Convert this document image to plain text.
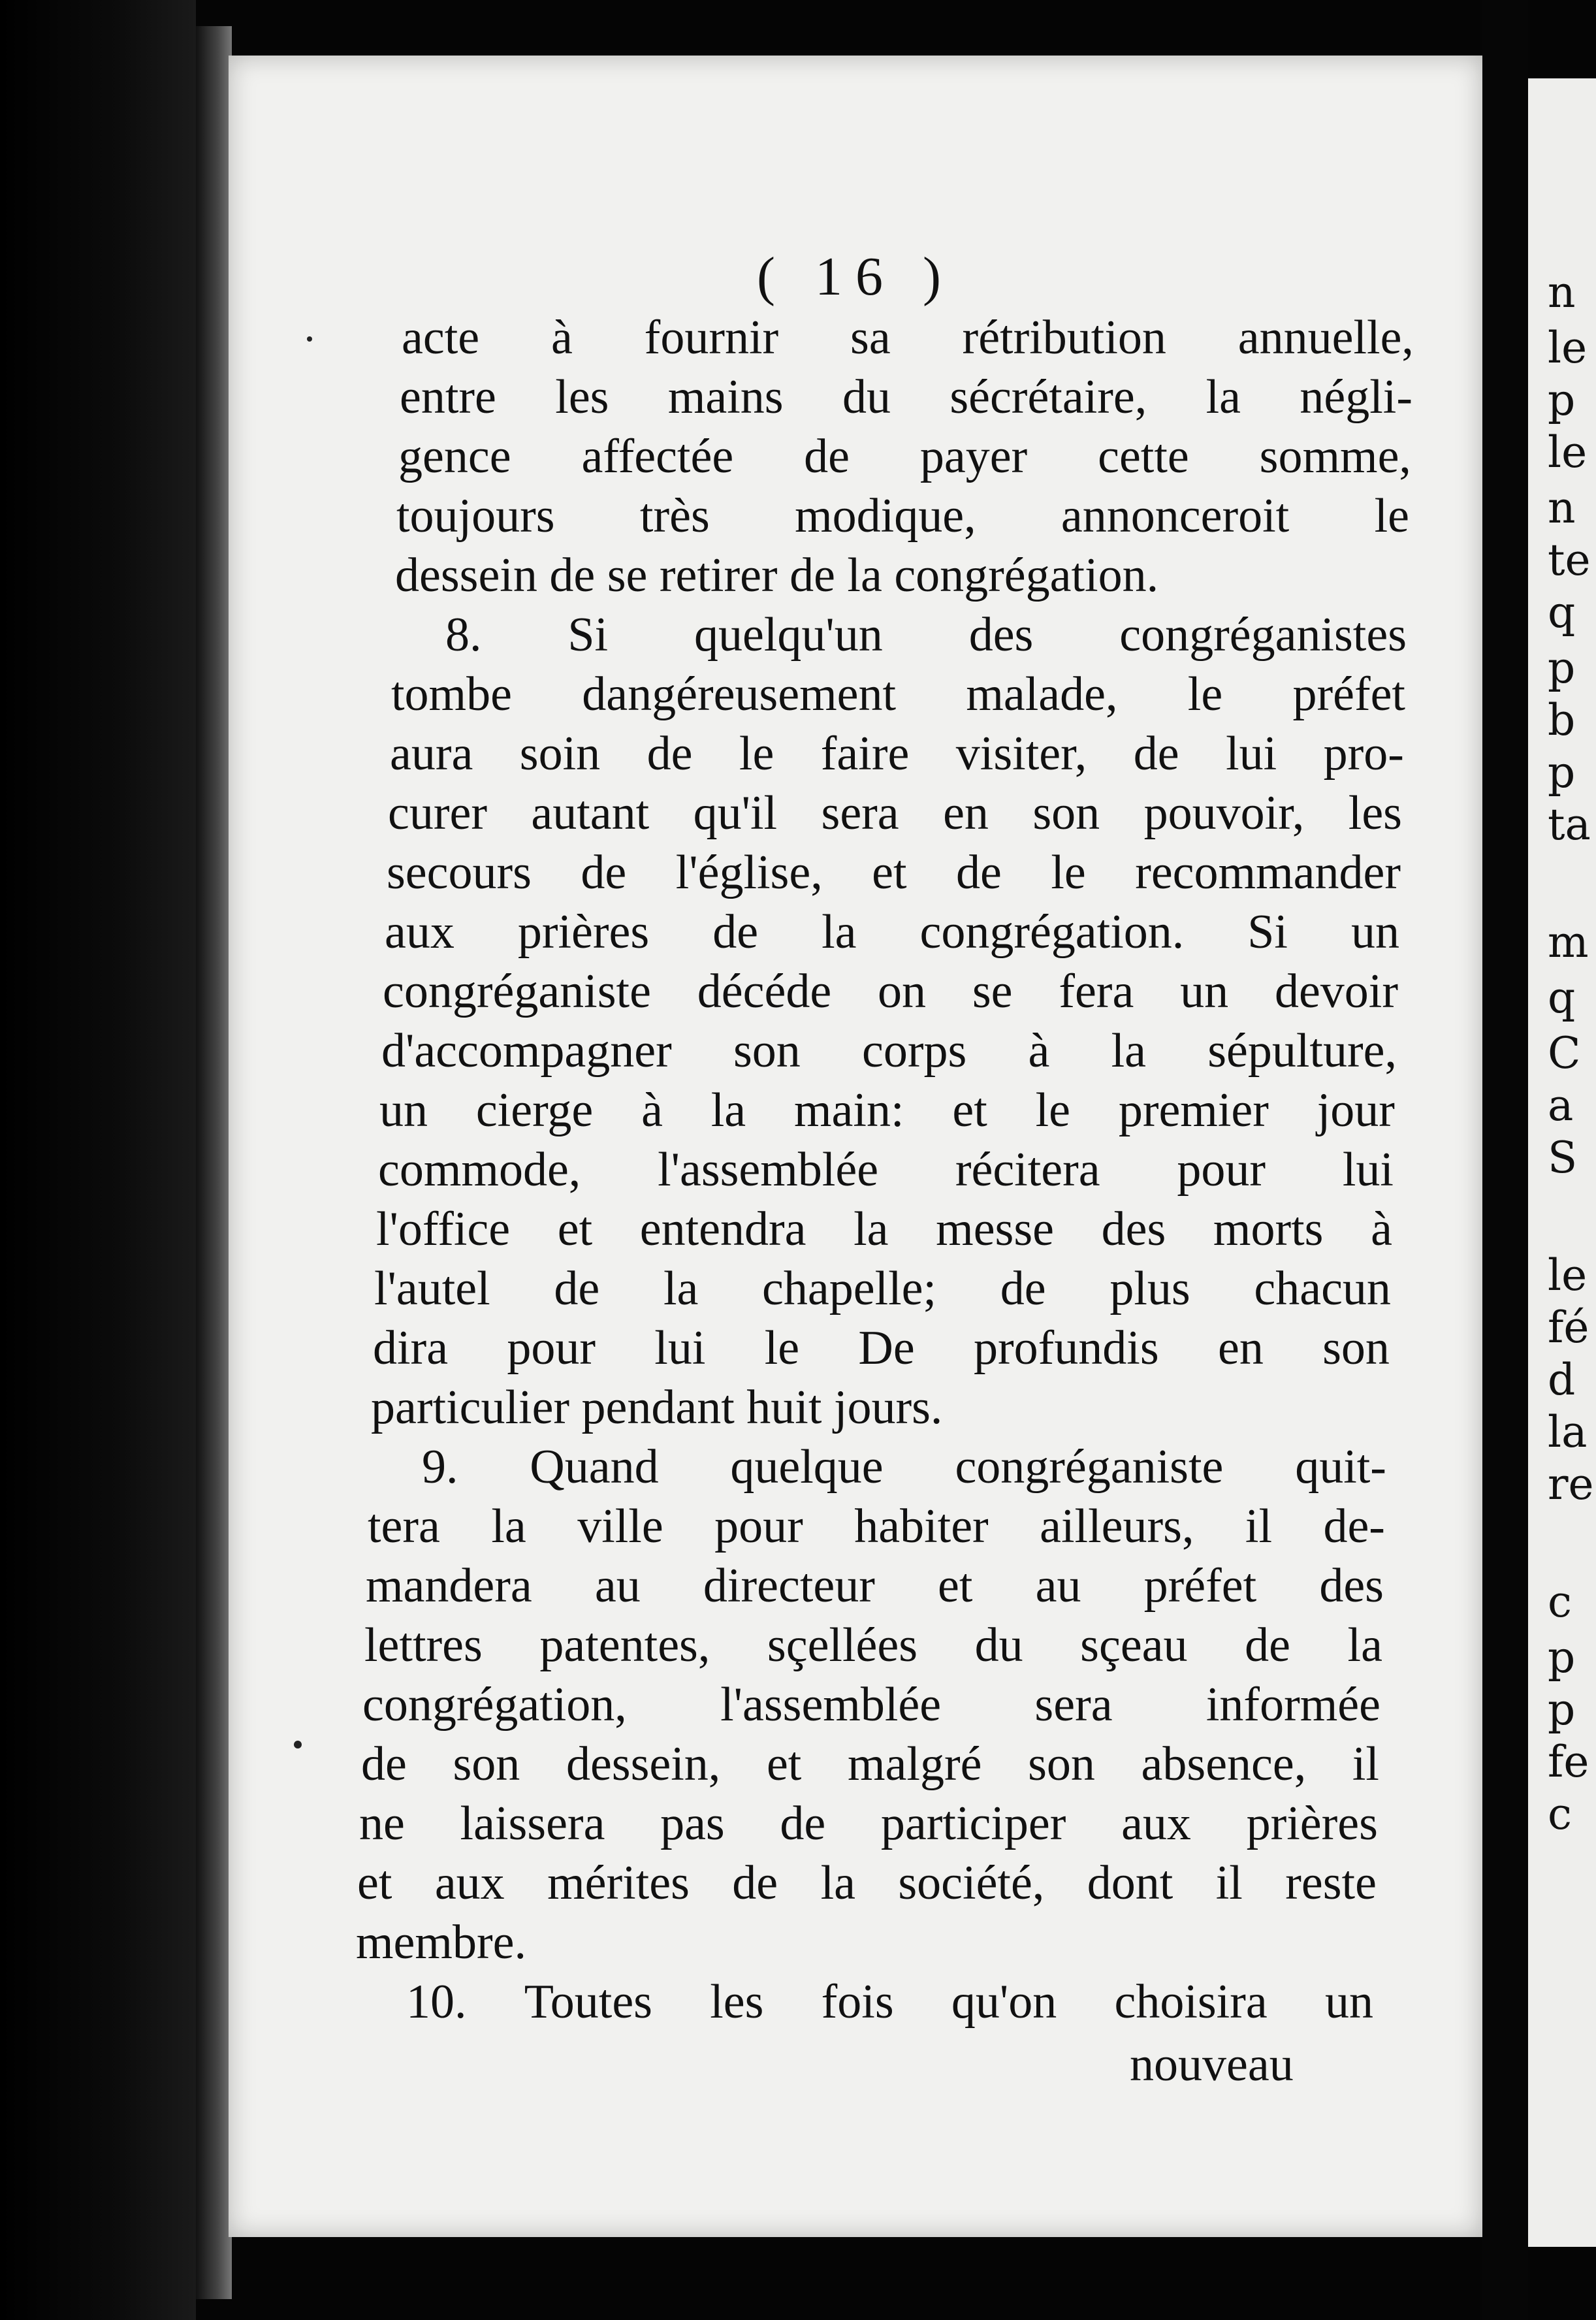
( 16 )
acte à fournir sa rétribution annuelle,
entre les mains du sécrétaire, la négli-
gence affectée de payer cette somme,
toujours très modique, annonceroit le
dessein de se retirer de la congrégation.
8. Si quelqu'un des congréganistes
tombe dangéreusement malade, le préfet
aura soin de le faire visiter, de lui pro-
curer autant qu'il sera en son pouvoir, les
secours de l'église, et de le recommander
aux prières de la congrégation. Si un
congréganiste décéde on se fera un devoir
d'accompagner son corps à la sépulture,
un cierge à la main: et le premier jour
commode, l'assemblée récitera pour lui
l'office et entendra la messe des morts à
l'autel de la chapelle; de plus chacun
dira pour lui le De profundis en son
particulier pendant huit jours.
9. Quand quelque congréganiste quit-
tera la ville pour habiter ailleurs, il de-
mandera au directeur et au préfet des
lettres patentes, sçellées du sçeau de la
congrégation, l'assemblée sera informée
de son dessein, et malgré son absence, il
ne laissera pas de participer aux prières
et aux mérites de la société, dont il reste
membre.
10. Toutes les fois qu'on choisira un
nouveau
n
le
p
le
n
te
q
p
b
p
ta
m
q
C
a
S
le
fé
d
la
re
c
p
p
fe
c
